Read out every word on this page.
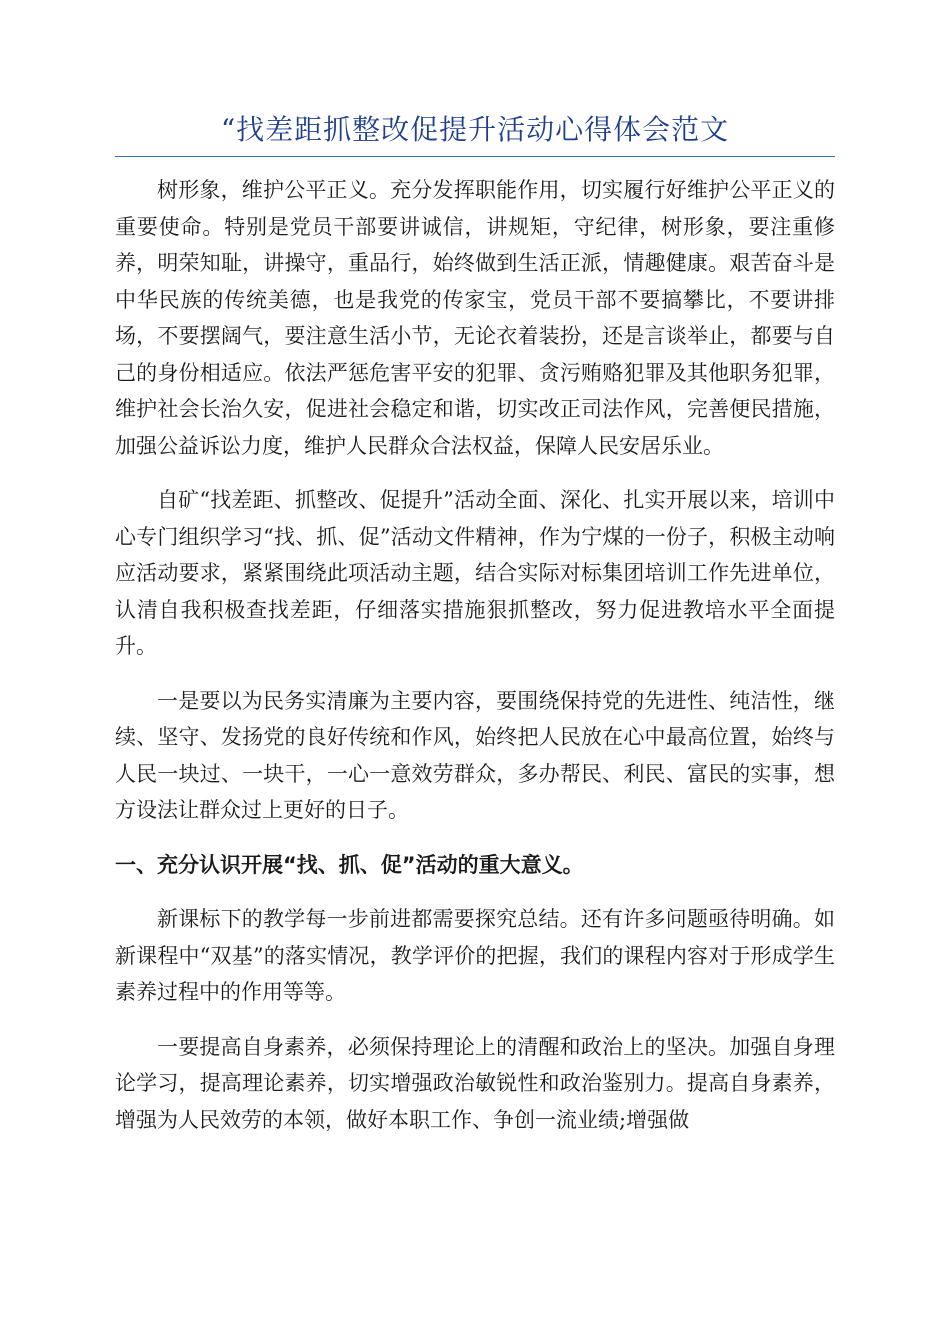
“找差距抓整改促提升活动心得体会范文

树形象，维护公平正义。充分发挥职能作用，切实履行好维护公平正义的重要使命。特别是党员干部要讲诚信，讲规矩，守纪律，树形象，要注重修养，明荣知耻，讲操守，重品行，始终做到生活正派，情趣健康。艰苦奋斗是中华民族的传统美德，也是我党的传家宝，党员干部不要搞攀比，不要讲排场，不要摆阔气，要注意生活小节，无论衣着装扮，还是言谈举止，都要与自己的身份相适应。依法严惩危害平安的犯罪、贪污贿赂犯罪及其他职务犯罪，维护社会长治久安，促进社会稳定和谐，切实改正司法作风，完善便民措施，加强公益诉讼力度，维护人民群众合法权益，保障人民安居乐业。

自矿“找差距、抓整改、促提升”活动全面、深化、扎实开展以来，培训中心专门组织学习“找、抓、促”活动文件精神，作为宁煤的一份子，积极主动响应活动要求，紧紧围绕此项活动主题，结合实际对标集团培训工作先进单位，认清自我积极查找差距，仔细落实措施狠抓整改，努力促进教培水平全面提升。

一是要以为民务实清廉为主要内容，要围绕保持党的先进性、纯洁性，继续、坚守、发扬党的良好传统和作风，始终把人民放在心中最高位置，始终与人民一块过、一块干，一心一意效劳群众，多办帮民、利民、富民的实事，想方设法让群众过上更好的日子。

一、充分认识开展“找、抓、促”活动的重大意义。

新课标下的教学每一步前进都需要探究总结。还有许多问题亟待明确。如新课程中“双基”的落实情况，教学评价的把握，我们的课程内容对于形成学生素养过程中的作用等等。

一要提高自身素养，必须保持理论上的清醒和政治上的坚决。加强自身理论学习，提高理论素养，切实增强政治敏锐性和政治鉴别力。提高自身素养，增强为人民效劳的本领，做好本职工作、争创一流业绩;增强做
